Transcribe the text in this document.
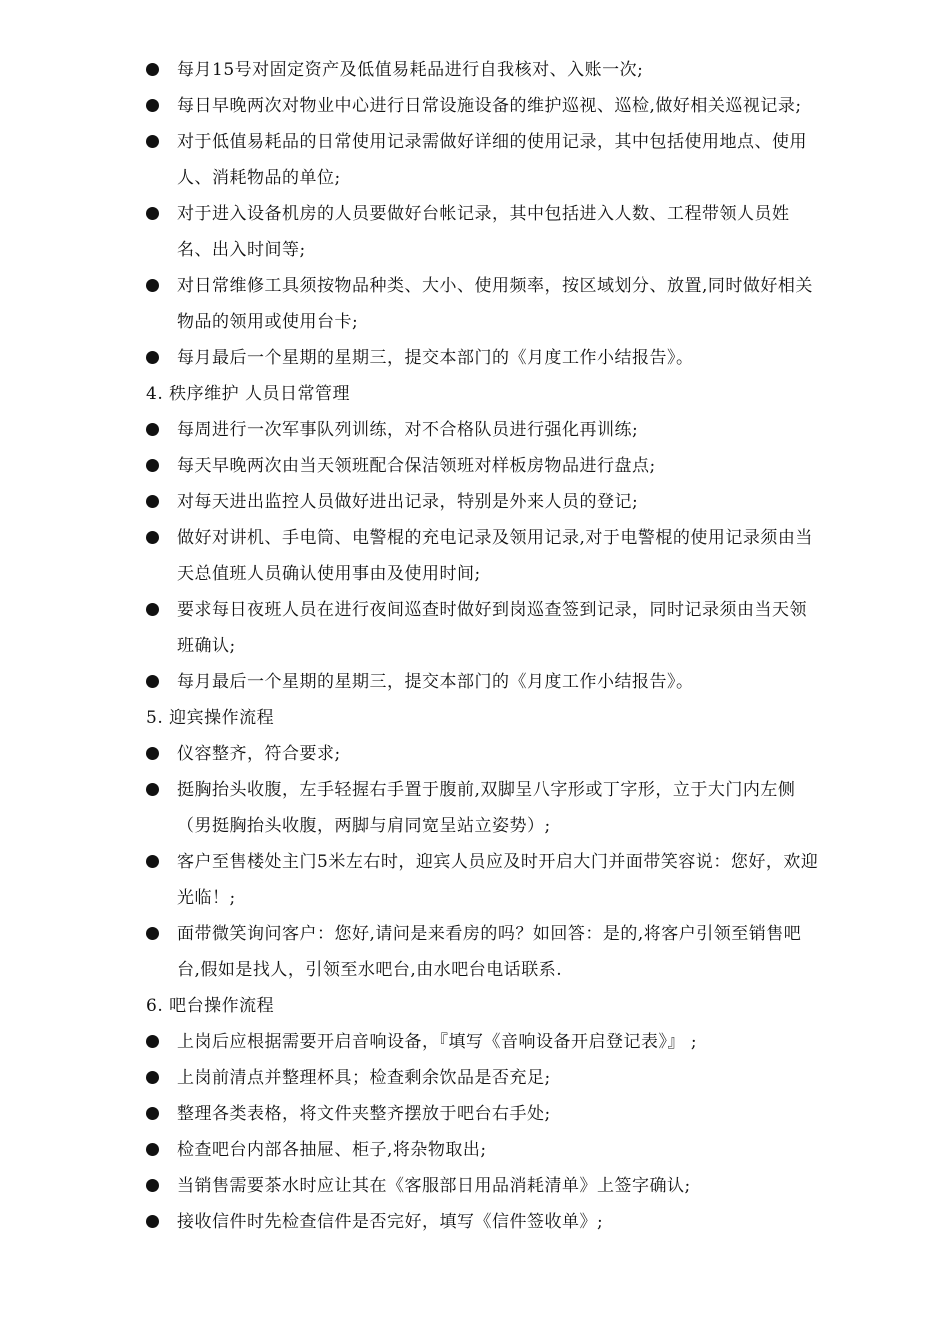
每月15号对固定资产及低值易耗品进行自我核对、入账一次;
每日早晚两次对物业中心进行日常设施设备的维护巡视、巡检,做好相关巡视记录;
对于低值易耗品的日常使用记录需做好详细的使用记录，其中包括使用地点、使用人、消耗物品的单位;
对于进入设备机房的人员要做好台帐记录，其中包括进入人数、工程带领人员姓名、出入时间等;
对日常维修工具须按物品种类、大小、使用频率，按区域划分、放置,同时做好相关物品的领用或使用台卡;
每月最后一个星期的星期三，提交本部门的《月度工作小结报告》。
4. 秩序维护 人员日常管理
每周进行一次军事队列训练，对不合格队员进行强化再训练;
每天早晚两次由当天领班配合保洁领班对样板房物品进行盘点;
对每天进出监控人员做好进出记录，特别是外来人员的登记;
做好对讲机、手电筒、电警棍的充电记录及领用记录,对于电警棍的使用记录须由当天总值班人员确认使用事由及使用时间;
要求每日夜班人员在进行夜间巡查时做好到岗巡查签到记录，同时记录须由当天领班确认;
每月最后一个星期的星期三，提交本部门的《月度工作小结报告》。
5. 迎宾操作流程
仪容整齐，符合要求;
挺胸抬头收腹，左手轻握右手置于腹前,双脚呈八字形或丁字形，立于大门内左侧（男挺胸抬头收腹，两脚与肩同宽呈站立姿势）;
客户至售楼处主门5米左右时，迎宾人员应及时开启大门并面带笑容说：您好，欢迎光临！;
面带微笑询问客户：您好,请问是来看房的吗？如回答：是的,将客户引领至销售吧台,假如是找人，引领至水吧台,由水吧台电话联系.
6. 吧台操作流程
上岗后应根据需要开启音响设备，『填写《音响设备开启登记表》』 ;
上岗前清点并整理杯具；检查剩余饮品是否充足;
整理各类表格，将文件夹整齐摆放于吧台右手处;
检查吧台内部各抽屉、柜子,将杂物取出;
当销售需要茶水时应让其在《客服部日用品消耗清单》上签字确认;
接收信件时先检查信件是否完好，填写《信件签收单》;
